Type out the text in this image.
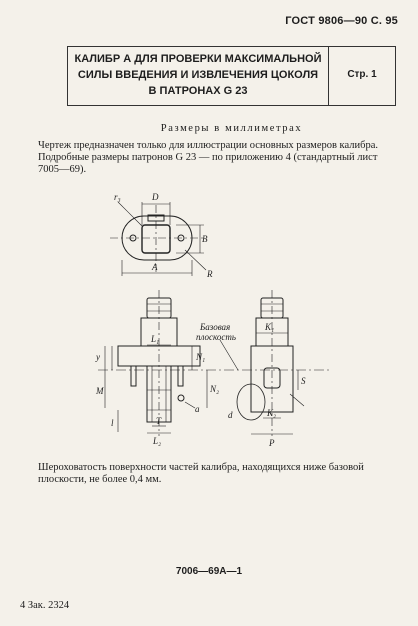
ГОСТ 9806—90 С. 95
КАЛИБР А ДЛЯ ПРОВЕРКИ МАКСИМАЛЬНОЙ
СИЛЫ ВВЕДЕНИЯ И ИЗВЛЕЧЕНИЯ ЦОКОЛЯ
В ПАТРОНАХ G 23
Стр. 1
Размеры в миллиметрах
Чертеж предназначен только для иллюстрации основных размеров калибра.
Подробные размеры патронов G 23 — по приложению 4 (стандартный лист 7005—69).
r₃	D
B
A
R
L₁
K₁
Базовая
плоскость
N₁
N₂
y
M
a
S
d
l	T
K₂
L₂	P
Шероховатость поверхности частей калибра, находящихся ниже базовой плоскости, не более 0,4 мм.
7006—69А—1
4 Зак. 2324
